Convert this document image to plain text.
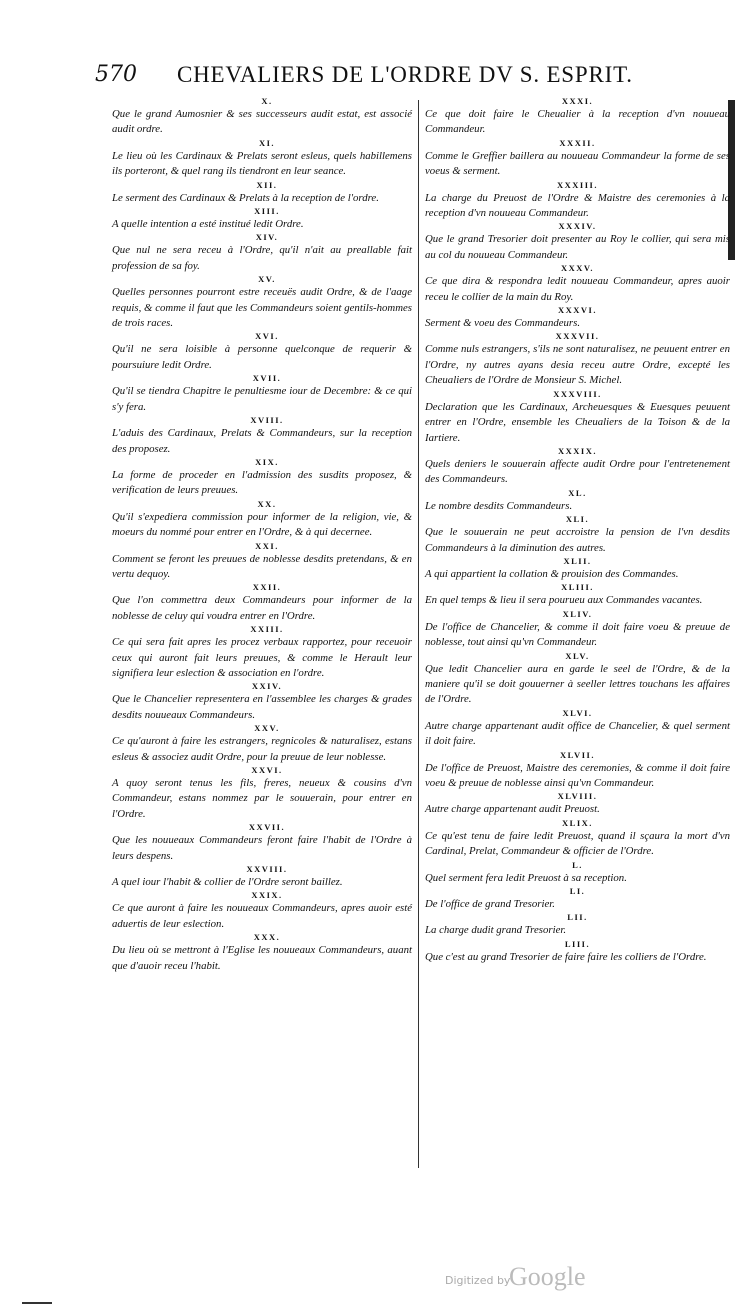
570 CHEVALIERS DE L'ORDRE DV S. ESPRIT.
X.
Que le grand Aumosnier & ses successeurs audit estat, est associé audit ordre.
XI.
Le lieu où les Cardinaux & Prelats seront esleus, quels habillemens ils porteront, & quel rang ils tiendront en leur seance.
XII.
Le serment des Cardinaux & Prelats à la reception de l'ordre.
XIII.
A quelle intention a esté institué ledit Ordre.
XIV.
Que nul ne sera receu à l'Ordre, qu'il n'ait au preallable fait profession de sa foy.
XV.
Quelles personnes pourront estre receuës audit Ordre, & de l'aage requis, & comme il faut que les Commandeurs soient gentils-hommes de trois races.
XVI.
Qu'il ne sera loisible à personne quelconque de requerir & poursuiure ledit Ordre.
XVII.
Qu'il se tiendra Chapitre le penultiesme iour de Decembre: & ce qui s'y fera.
XVIII.
L'aduis des Cardinaux, Prelats & Commandeurs, sur la reception des proposez.
XIX.
La forme de proceder en l'admission des susdits proposez, & verification de leurs preuues.
XX.
Qu'il s'expediera commission pour informer de la religion, vie, & moeurs du nommé pour entrer en l'Ordre, & à qui decernee.
XXI.
Comment se feront les preuues de noblesse desdits pretendans, & en vertu dequoy.
XXII.
Que l'on commettra deux Commandeurs pour informer de la noblesse de celuy qui voudra entrer en l'Ordre.
XXIII.
Ce qui sera fait apres les procez verbaux rapportez, pour receuoir ceux qui auront fait leurs preuues, & comme le Herault leur signifiera leur eslection & association en l'ordre.
XXIV.
Que le Chancelier representera en l'assemblee les charges & grades desdits nouueaux Commandeurs.
XXV.
Ce qu'auront à faire les estrangers, regnicoles & naturalisez, estans esleus & associez audit Ordre, pour la preuue de leur noblesse.
XXVI.
A quoy seront tenus les fils, freres, neueux & cousins d'vn Commandeur, estans nommez par le souuerain, pour entrer en l'Ordre.
XXVII.
Que les nouueaux Commandeurs feront faire l'habit de l'Ordre à leurs despens.
XXVIII.
A quel iour l'habit & collier de l'Ordre seront baillez.
XXIX.
Ce que auront à faire les nouueaux Commandeurs, apres auoir esté aduertis de leur eslection.
XXX.
Du lieu où se mettront à l'Eglise les nouueaux Commandeurs, auant que d'auoir receu l'habit.
XXXI.
Ce que doit faire le Cheualier à la reception d'vn nouueau Commandeur.
XXXII.
Comme le Greffier baillera au nouueau Commandeur la forme de ses voeus & serment.
XXXIII.
La charge du Preuost de l'Ordre & Maistre des ceremonies à la reception d'vn nouueau Commandeur.
XXXIV.
Que le grand Tresorier doit presenter au Roy le collier, qui sera mis au col du nouueau Commandeur.
XXXV.
Ce que dira & respondra ledit nouueau Commandeur, apres auoir receu le collier de la main du Roy.
XXXVI.
Serment & voeu des Commandeurs.
XXXVII.
Comme nuls estrangers, s'ils ne sont naturalisez, ne peuuent entrer en l'Ordre, ny autres ayans desia receu autre Ordre, excepté les Cheualiers de l'Ordre de Monsieur S. Michel.
XXXVIII.
Declaration que les Cardinaux, Archeuesques & Euesques peuuent entrer en l'Ordre, ensemble les Cheualiers de la Toison & de la Iartiere.
XXXIX.
Quels deniers le souuerain affecte audit Ordre pour l'entretenement des Commandeurs.
XL.
Le nombre desdits Commandeurs.
XLI.
Que le souuerain ne peut accroistre la pension de l'vn desdits Commandeurs à la diminution des autres.
XLII.
A qui appartient la collation & prouision des Commandes.
XLIII.
En quel temps & lieu il sera pourueu aux Commandes vacantes.
XLIV.
De l'office de Chancelier, & comme il doit faire voeu & preuue de noblesse, tout ainsi qu'vn Commandeur.
XLV.
Que ledit Chancelier aura en garde le seel de l'Ordre, & de la maniere qu'il se doit gouuerner à seeller lettres touchans les affaires de l'Ordre.
XLVI.
Autre charge appartenant audit office de Chancelier, & quel serment il doit faire.
XLVII.
De l'office de Preuost, Maistre des ceremonies, & comme il doit faire voeu & preuue de noblesse ainsi qu'vn Commandeur.
XLVIII.
Autre charge appartenant audit Preuost.
XLIX.
Ce qu'est tenu de faire ledit Preuost, quand il sçaura la mort d'vn Cardinal, Prelat, Commandeur & officier de l'Ordre.
L.
Quel serment fera ledit Preuost à sa reception.
LI.
De l'office de grand Tresorier.
LII.
La charge dudit grand Tresorier.
LIII.
Que c'est au grand Tresorier de faire faire les colliers de l'Ordre.
Digitized by
Google
